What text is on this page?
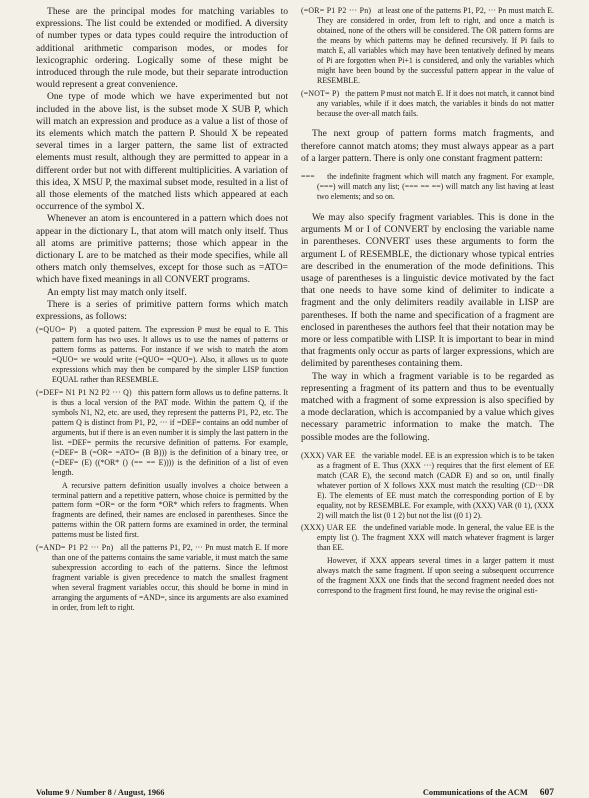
These are the principal modes for matching variables to expressions. The list could be extended or modified. A diversity of number types or data types could require the introduction of additional arithmetic comparison modes, or modes for lexicographic ordering. Logically some of these might be introduced through the rule mode, but their separate introduction would represent a great convenience.

One type of mode which we have experimented but not included in the above list, is the subset mode X SUB P, which will match an expression and produce as a value a list of those of its elements which match the pattern P. Should X be repeated several times in a larger pattern, the same list of extracted elements must result, although they are permitted to appear in a different order but not with different multiplicities. A variation of this idea, X MSU P, the maximal subset mode, resulted in a list of all those elements of the matched lists which appeared at each occurrence of the symbol X.

Whenever an atom is encountered in a pattern which does not appear in the dictionary L, that atom will match only itself. Thus all atoms are primitive patterns; those which appear in the dictionary L are to be matched as their mode specifies, while all others match only themselves, except for those such as =ATO= which have fixed meanings in all CONVERT programs.

An empty list may match only itself.

There is a series of primitive pattern forms which match expressions, as follows:

(=QUO= P) a quoted pattern. The expression P must be equal to E. This pattern form has two uses. It allows us to use the names of patterns or pattern forms as patterns. For instance if we wish to match the atom =QUO= we would write (=QUO= =QUO=). Also, it allows us to quote expressions which may then be compared by the simpler LISP function EQUAL rather than RESEMBLE.

(=DEF= N1 P1 N2 P2 ··· Q) this pattern form allows us to define patterns. It is thus a local version of the PAT mode. Within the pattern Q, if the symbols N1, N2, etc. are used, they represent the patterns P1, P2, etc. The pattern Q is distinct from P1, P2, ··· if =DEF= contains an odd number of arguments, but if there is an even number it is simply the last pattern in the list. =DEF= permits the recursive definition of patterns. For example, (=DEF= B (=OR= =ATO= (B B))) is the definition of a binary tree, or (=DEF= (E) ((*OR* () (== == E)))) is the definition of a list of even length.

A recursive pattern definition usually involves a choice between a terminal pattern and a repetitive pattern, whose choice is permitted by the pattern form =OR= or the form *OR* which refers to fragments. When fragments are defined, their names are enclosed in parentheses. Since the patterns within the OR pattern forms are examined in order, the terminal patterns must be listed first.

(=AND= P1 P2 ··· Pn) all the patterns P1, P2, ··· Pn must match E. If more than one of the patterns contains the same variable, it must match the same subexpression according to each of the patterns. Since the leftmost fragment variable is given precedence to match the smallest fragment when several fragment variables occur, this should be borne in mind in arranging the arguments of =AND=, since its arguments are also examined in order, from left to right.

(=OR= P1 P2 ··· Pn) at least one of the patterns P1, P2, ··· Pn must match E. They are considered in order, from left to right, and once a match is obtained, none of the others will be considered. The OR pattern forms are the means by which patterns may be defined recursively. If Pi fails to match E, all variables which may have been tentatively defined by means of Pi are forgotten when Pi+1 is considered, and only the variables which might have been bound by the successful pattern appear in the value of RESEMBLE.

(=NOT= P) the pattern P must not match E. If it does not match, it cannot bind any variables, while if it does match, the variables it binds do not matter because the over-all match fails.

The next group of pattern forms match fragments, and therefore cannot match atoms; they must always appear as a part of a larger pattern. There is only one constant fragment pattern:

=== the indefinite fragment which will match any fragment. For example, (===) will match any list; (=== == ==) will match any list having at least two elements; and so on.

We may also specify fragment variables. This is done in the arguments M or I of CONVERT by enclosing the variable name in parentheses. CONVERT uses these arguments to form the argument L of RESEMBLE, the dictionary whose typical entries are described in the enumeration of the mode definitions. This usage of parentheses is a linguistic device motivated by the fact that one needs to have some kind of delimiter to indicate a fragment and the only delimiters readily available in LISP are parentheses. If both the name and specification of a fragment are enclosed in parentheses the authors feel that their notation may be more or less compatible with LISP. It is important to bear in mind that fragments only occur as parts of larger expressions, which are delimited by parentheses containing them.

The way in which a fragment variable is to be regarded as representing a fragment of its pattern and thus to be eventually matched with a fragment of some expression is also specified by a mode declaration, which is accompanied by a value which gives necessary parametric information to make the match. The possible modes are the following.

(XXX) VAR EE the variable model. EE is an expression which is to be taken as a fragment of E. Thus (XXX ···) requires that the first element of EE match (CAR E), the second match (CADR E) and so on, until finally whatever portion of X follows XXX must match the resulting (CD···DR E). The elements of EE must match the corresponding portion of E by equality, not by RESEMBLE. For example, with (XXX) VAR (0 1), (XXX 2) will match the list (0 1 2) but not the list ((0 1) 2).

(XXX) UAR EE the undefined variable mode. In general, the value EE is the empty list (). The fragment XXX will match whatever fragment is larger than EE.

However, if XXX appears several times in a larger pattern it must always match the same fragment. If upon seeing a subsequent occurrence of the fragment XXX one finds that the second fragment needed does not correspond to the fragment first found, he may revise the original esti-

Volume 9 / Number 8 / August, 1966	Communications of the ACM 607
